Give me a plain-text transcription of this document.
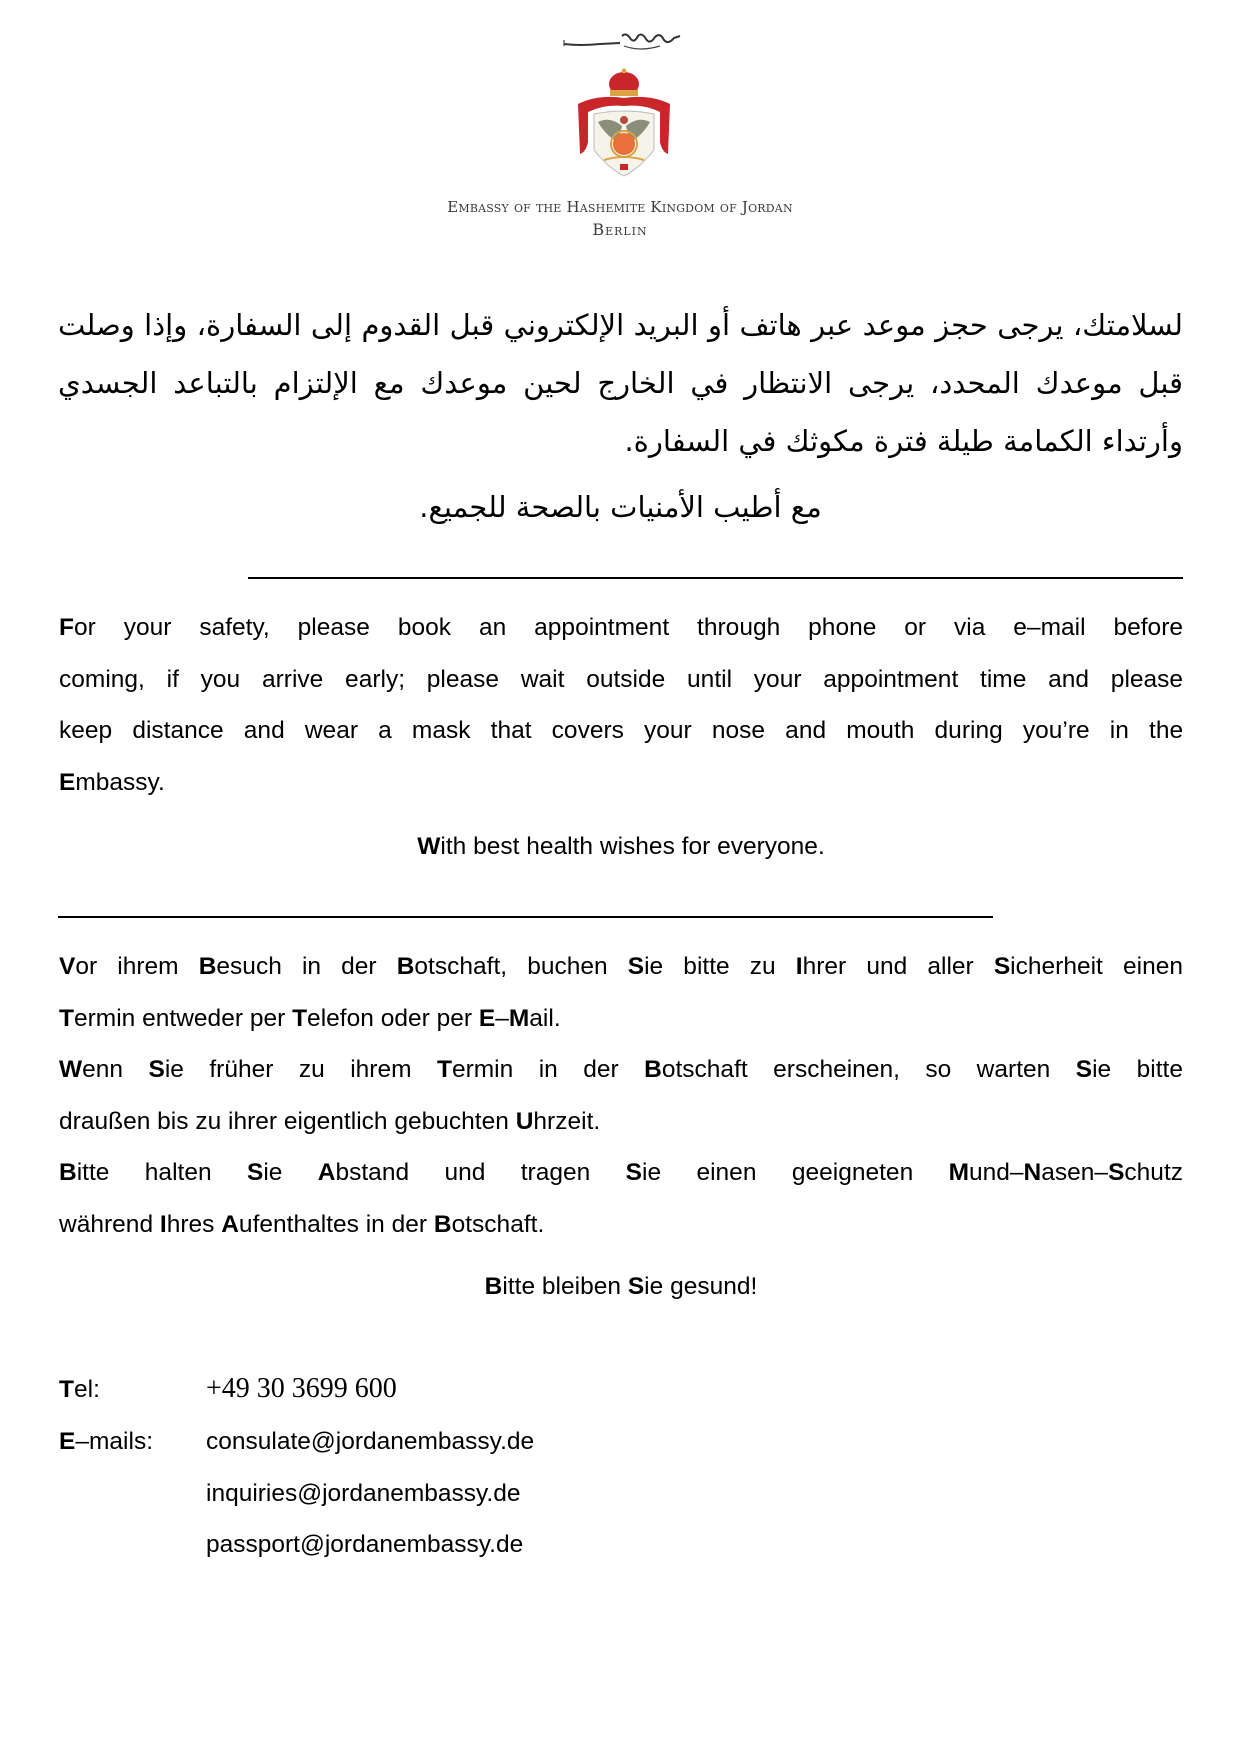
Embassy of the Hashemite Kingdom of Jordan
Berlin
لسلامتك، يرجى حجز موعد عبر هاتف أو البريد الإلكتروني قبل القدوم إلى السفارة، وإذا وصلت قبل موعدك المحدد، يرجى الانتظار في الخارج لحين موعدك مع الإلتزام بالتباعد الجسدي وأرتداء الكمامة طيلة فترة مكوثك في السفارة.
مع أطيب الأمنيات بالصحة للجميع.
For your safety, please book an appointment through phone or via e–mail before
coming, if you arrive early; please wait outside until your appointment time and please
keep distance and wear a mask that covers your nose and mouth during you’re in the
Embassy.
With best health wishes for everyone.
Vor ihrem Besuch in der Botschaft, buchen Sie bitte zu Ihrer und aller Sicherheit einen
Termin entweder per Telefon oder per E–Mail.
Wenn Sie früher zu ihrem Termin in der Botschaft erscheinen, so warten Sie bitte
draußen bis zu ihrer eigentlich gebuchten Uhrzeit.
Bitte halten Sie Abstand und tragen Sie einen geeigneten Mund–Nasen–Schutz
während Ihres Aufenthaltes in der Botschaft.
Bitte bleiben Sie gesund!
Tel:	+49 30 3699 600
E–mails: consulate@jordanembassy.de
inquiries@jordanembassy.de
passport@jordanembassy.de
